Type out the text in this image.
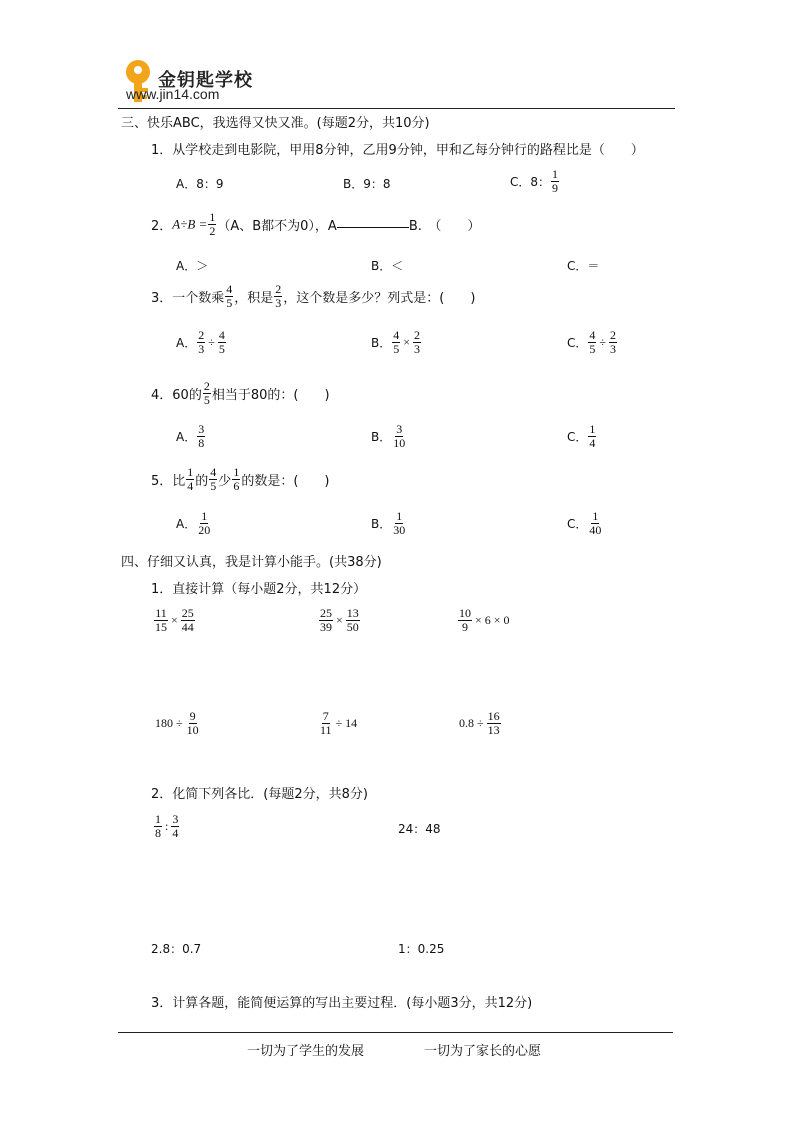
金钥匙学校
www.jin14.com
三、快乐ABC，我选得又快又准。(每题2分，共10分)
1．从学校走到电影院，甲用8分钟，乙用9分钟，甲和乙每分钟行的路程比是（　　）
A．8：9	B．9：8	C．8： $\frac{1}{9}$
2．$A\div B = \frac{1}{2} (A$、B都不为0），A	B.　（　　）
A．＞	B．＜	C．＝
3．一个数乘 $\frac{4}{5}$ ，积是 $\frac{2}{3}$ ，这个数是多少？列式是：(　　)
A． $\frac{2}{3} \div \frac{4}{5}$	B． $\frac{4}{5} \times \frac{2}{3}$	C． $\frac{4}{5} \div \frac{2}{3}$
4．60的 $\frac{2}{5}$ 相当于80的：(　　)
A． $\frac{3}{8}$	B． $\frac{3}{10}$	C． $\frac{1}{4}$
5．比 $\frac{1}{4}$ 的 $\frac{4}{5}$ 少 $\frac{1}{6}$ 的数是：(　　)
A． $\frac{1}{20}$	B． $\frac{1}{30}$	C． $\frac{1}{40}$
四、仔细又认真，我是计算小能手。(共38分)
1．直接计算（每小题2分，共12分）
$\frac{11}{15} \times \frac{25}{44}$	$\frac{25}{39} \times \frac{13}{50}$	$\frac{10}{9} \times 6 \times 0$
$180 \div \frac{9}{10}$	$\frac{7}{11} \div 14$	$0.8 \div \frac{16}{13}$
2．化简下列各比．(每题2分，共8分)
$\frac{1}{8}$ : $\frac{3}{4}$	24：48
2.8：0.7	1：0.25
3．计算各题，能简便运算的写出主要过程．(每小题3分，共12分)
一切为了学生的发展	一切为了家长的心愿
